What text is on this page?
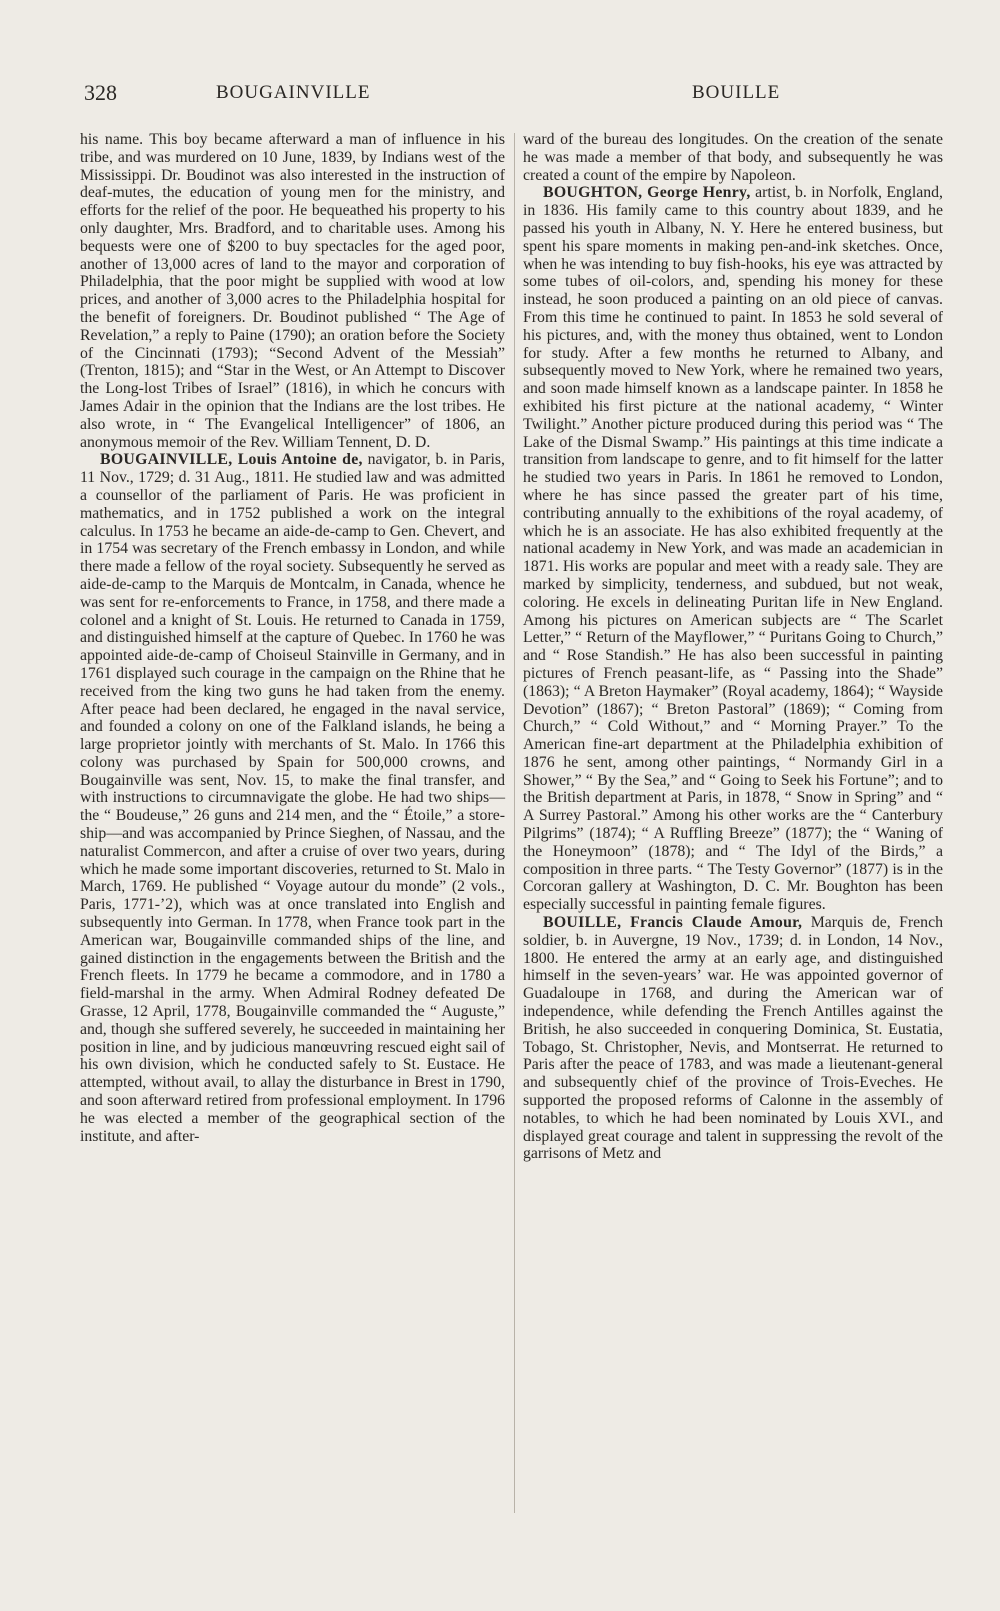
328	BOUGAINVILLE	BOUILLE

his name. This boy became afterward a man of influence in his tribe, and was murdered on 10 June, 1839, by Indians west of the Mississippi. Dr. Boudinot was also interested in the instruction of deaf-mutes, the education of young men for the ministry, and efforts for the relief of the poor. He bequeathed his property to his only daughter, Mrs. Bradford, and to charitable uses. Among his bequests were one of $200 to buy spectacles for the aged poor, another of 13,000 acres of land to the mayor and corporation of Philadelphia, that the poor might be supplied with wood at low prices, and another of 3,000 acres to the Philadelphia hospital for the benefit of foreigners. Dr. Boudinot published “ The Age of Revelation,” a reply to Paine (1790); an oration before the Society of the Cincinnati (1793); “Second Advent of the Messiah” (Trenton, 1815); and “Star in the West, or An Attempt to Discover the Long-lost Tribes of Israel” (1816), in which he concurs with James Adair in the opinion that the Indians are the lost tribes. He also wrote, in “ The Evangelical Intelligencer” of 1806, an anonymous memoir of the Rev. William Tennent, D. D.

BOUGAINVILLE, Louis Antoine de, navigator, b. in Paris, 11 Nov., 1729; d. 31 Aug., 1811. He studied law and was admitted a counsellor of the parliament of Paris. He was proficient in mathematics, and in 1752 published a work on the integral calculus. In 1753 he became an aide-de-camp to Gen. Chevert, and in 1754 was secretary of the French embassy in London, and while there made a fellow of the royal society. Subsequently he served as aide-de-camp to the Marquis de Montcalm, in Canada, whence he was sent for re-enforcements to France, in 1758, and there made a colonel and a knight of St. Louis. He returned to Canada in 1759, and distinguished himself at the capture of Quebec. In 1760 he was appointed aide-de-camp of Choiseul Stainville in Germany, and in 1761 displayed such courage in the campaign on the Rhine that he received from the king two guns he had taken from the enemy. After peace had been declared, he engaged in the naval service, and founded a colony on one of the Falkland islands, he being a large proprietor jointly with merchants of St. Malo. In 1766 this colony was purchased by Spain for 500,000 crowns, and Bougainville was sent, Nov. 15, to make the final transfer, and with instructions to circumnavigate the globe. He had two ships—the “ Boudeuse,” 26 guns and 214 men, and the “ Étoile,” a store-ship—and was accompanied by Prince Sieghen, of Nassau, and the naturalist Commercon, and after a cruise of over two years, during which he made some important discoveries, returned to St. Malo in March, 1769. He published “ Voyage autour du monde” (2 vols., Paris, 1771-’2), which was at once translated into English and subsequently into German. In 1778, when France took part in the American war, Bougainville commanded ships of the line, and gained distinction in the engagements between the British and the French fleets. In 1779 he became a commodore, and in 1780 a field-marshal in the army. When Admiral Rodney defeated De Grasse, 12 April, 1778, Bougainville commanded the “ Auguste,” and, though she suffered severely, he succeeded in maintaining her position in line, and by judicious manœuvring rescued eight sail of his own division, which he conducted safely to St. Eustace. He attempted, without avail, to allay the disturbance in Brest in 1790, and soon afterward retired from professional employment. In 1796 he was elected a member of the geographical section of the institute, and after-

ward of the bureau des longitudes. On the creation of the senate he was made a member of that body, and subsequently he was created a count of the empire by Napoleon.

BOUGHTON, George Henry, artist, b. in Norfolk, England, in 1836. His family came to this country about 1839, and he passed his youth in Albany, N. Y. Here he entered business, but spent his spare moments in making pen-and-ink sketches. Once, when he was intending to buy fish-hooks, his eye was attracted by some tubes of oil-colors, and, spending his money for these instead, he soon produced a painting on an old piece of canvas. From this time he continued to paint. In 1853 he sold several of his pictures, and, with the money thus obtained, went to London for study. After a few months he returned to Albany, and subsequently moved to New York, where he remained two years, and soon made himself known as a landscape painter. In 1858 he exhibited his first picture at the national academy, “ Winter Twilight.” Another picture produced during this period was “ The Lake of the Dismal Swamp.” His paintings at this time indicate a transition from landscape to genre, and to fit himself for the latter he studied two years in Paris. In 1861 he removed to London, where he has since passed the greater part of his time, contributing annually to the exhibitions of the royal academy, of which he is an associate. He has also exhibited frequently at the national academy in New York, and was made an academician in 1871. His works are popular and meet with a ready sale. They are marked by simplicity, tenderness, and subdued, but not weak, coloring. He excels in delineating Puritan life in New England. Among his pictures on American subjects are “ The Scarlet Letter,” “ Return of the Mayflower,” “ Puritans Going to Church,” and “ Rose Standish.” He has also been successful in painting pictures of French peasant-life, as “ Passing into the Shade” (1863); “ A Breton Haymaker” (Royal academy, 1864); “ Wayside Devotion” (1867); “ Breton Pastoral” (1869); “ Coming from Church,” “ Cold Without,” and “ Morning Prayer.” To the American fine-art department at the Philadelphia exhibition of 1876 he sent, among other paintings, “ Normandy Girl in a Shower,” “ By the Sea,” and “ Going to Seek his Fortune”; and to the British department at Paris, in 1878, “ Snow in Spring” and “ A Surrey Pastoral.” Among his other works are the “ Canterbury Pilgrims” (1874); “ A Ruffling Breeze” (1877); the “ Waning of the Honeymoon” (1878); and “ The Idyl of the Birds,” a composition in three parts. “ The Testy Governor” (1877) is in the Corcoran gallery at Washington, D. C. Mr. Boughton has been especially successful in painting female figures.

BOUILLE, Francis Claude Amour, Marquis de, French soldier, b. in Auvergne, 19 Nov., 1739; d. in London, 14 Nov., 1800. He entered the army at an early age, and distinguished himself in the seven-years’ war. He was appointed governor of Guadaloupe in 1768, and during the American war of independence, while defending the French Antilles against the British, he also succeeded in conquering Dominica, St. Eustatia, Tobago, St. Christopher, Nevis, and Montserrat. He returned to Paris after the peace of 1783, and was made a lieutenant-general and subsequently chief of the province of Trois-Eveches. He supported the proposed reforms of Calonne in the assembly of notables, to which he had been nominated by Louis XVI., and displayed great courage and talent in suppressing the revolt of the garrisons of Metz and
